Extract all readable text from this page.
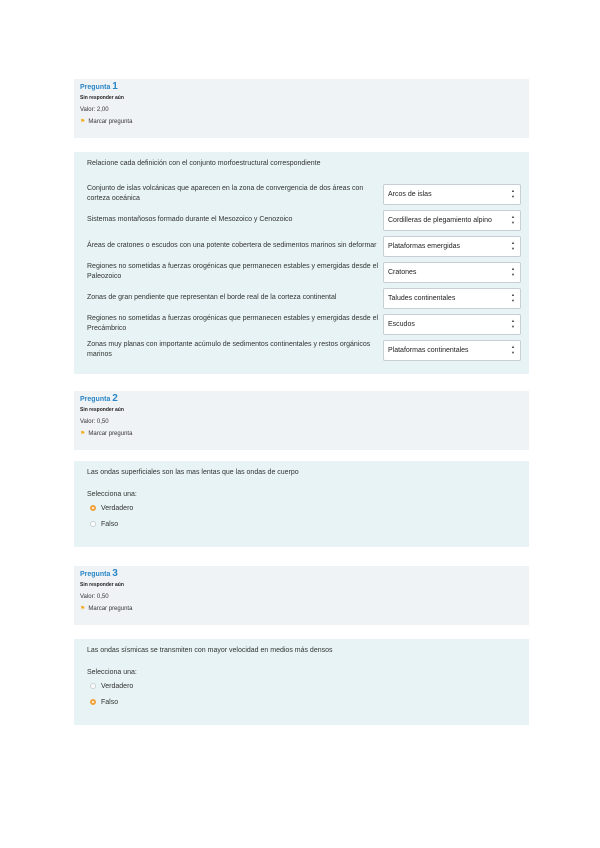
Pregunta 1
Sin responder aún
Valor: 2,00
⚑ Marcar pregunta
Relacione cada definición con el conjunto morfoestructural correspondiente
Conjunto de islas volcánicas que aparecen en la zona de convergencia de dos áreas con corteza oceánica	Arcos de islas ▲
▼

Sistemas montañosos formado durante el Mesozoico y Cenozoico	Cordilleras de plegamiento alpino ▲
▼

Áreas de cratones o escudos con una potente cobertera de sedimentos marinos sin deformar	Plataformas emergidas ▲
▼

Regiones no sometidas a fuerzas orogénicas que permanecen estables y emergidas desde el Paleozoico	Cratones ▲
▼

Zonas de gran pendiente que representan el borde real de la corteza continental	Taludes continentales ▲
▼

Regiones no sometidas a fuerzas orogénicas que permanecen estables y emergidas desde el Precámbrico	Escudos ▲
▼

Zonas muy planas con importante acúmulo de sedimentos continentales y restos orgánicos marinos	Plataformas continentales ▲
▼
Pregunta 2
Sin responder aún
Valor: 0,50
⚑ Marcar pregunta
Las ondas superficiales son las mas lentas que las ondas de cuerpo
Selecciona una:
Verdadero
Falso
Pregunta 3
Sin responder aún
Valor: 0,50
⚑ Marcar pregunta
Las ondas sísmicas se transmiten con mayor velocidad en medios más densos
Selecciona una:
Verdadero
Falso
